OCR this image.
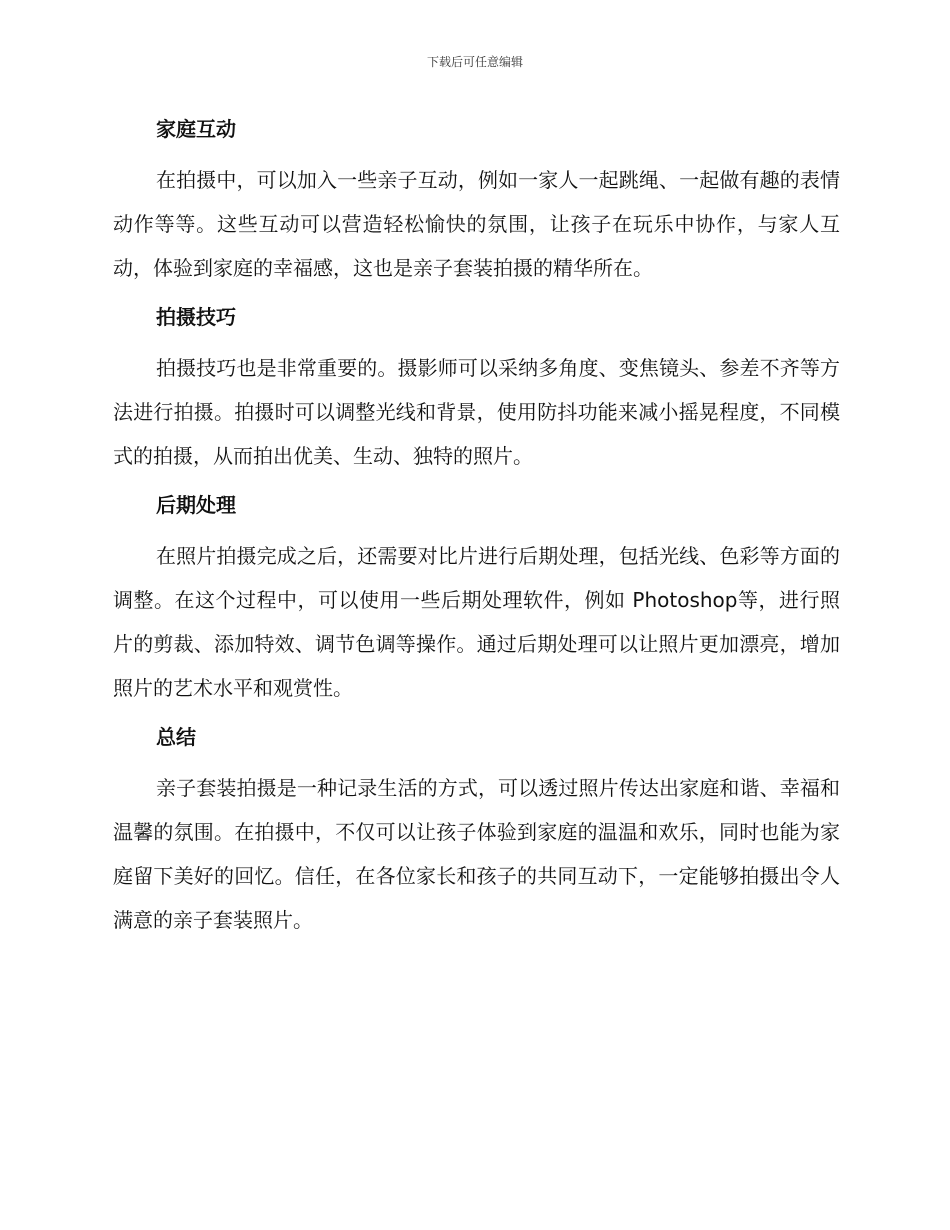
下载后可任意编辑
家庭互动

在拍摄中，可以加入一些亲子互动，例如一家人一起跳绳、一起做有趣的表情动作等等。这些互动可以营造轻松愉快的氛围，让孩子在玩乐中协作，与家人互动，体验到家庭的幸福感，这也是亲子套装拍摄的精华所在。

拍摄技巧

拍摄技巧也是非常重要的。摄影师可以采纳多角度、变焦镜头、参差不齐等方法进行拍摄。拍摄时可以调整光线和背景，使用防抖功能来减小摇晃程度，不同模式的拍摄，从而拍出优美、生动、独特的照片。

后期处理

在照片拍摄完成之后，还需要对比片进行后期处理，包括光线、色彩等方面的调整。在这个过程中，可以使用一些后期处理软件，例如 Photoshop等，进行照片的剪裁、添加特效、调节色调等操作。通过后期处理可以让照片更加漂亮，增加照片的艺术水平和观赏性。

总结

亲子套装拍摄是一种记录生活的方式，可以透过照片传达出家庭和谐、幸福和温馨的氛围。在拍摄中，不仅可以让孩子体验到家庭的温温和欢乐，同时也能为家庭留下美好的回忆。信任，在各位家长和孩子的共同互动下，一定能够拍摄出令人满意的亲子套装照片。
